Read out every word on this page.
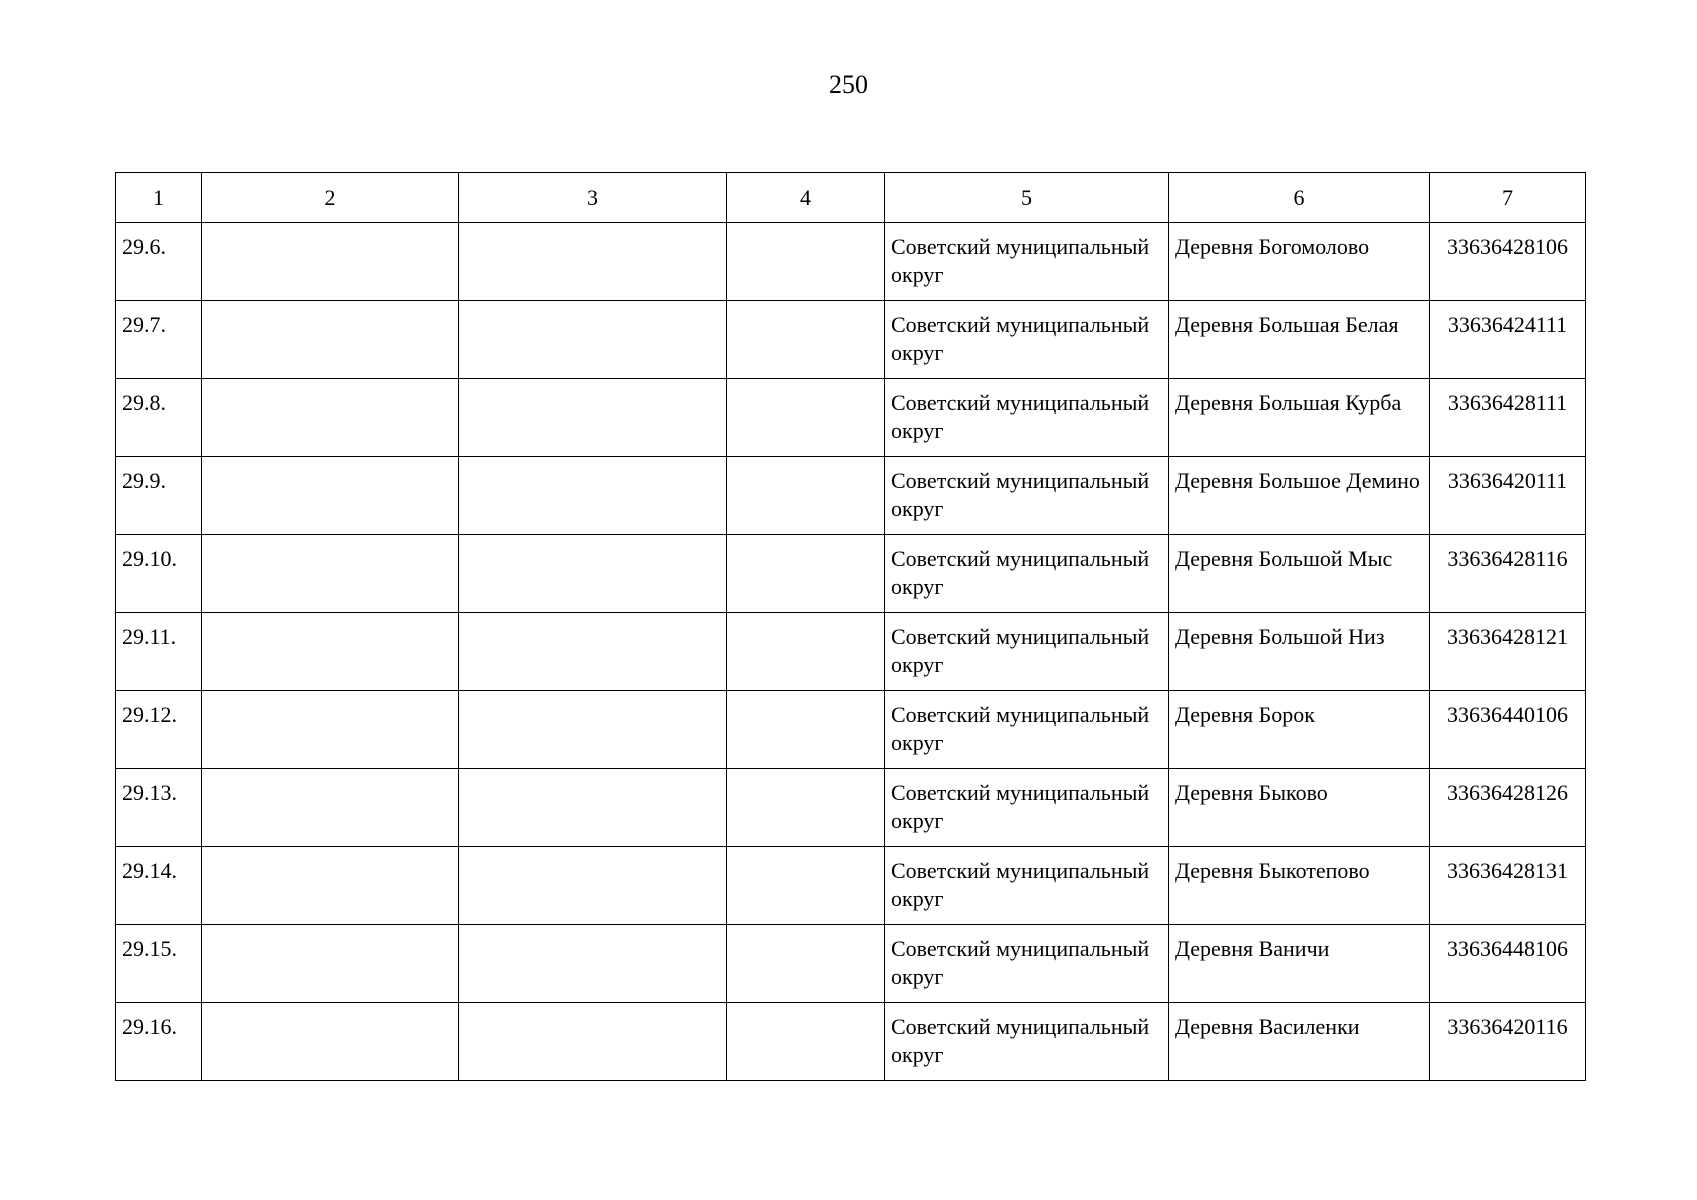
250
1	2	3	4	5	6	7
29.6.				Советский муниципальный округ	Деревня Богомолово	33636428106
29.7.				Советский муниципальный округ	Деревня Большая Белая	33636424111
29.8.				Советский муниципальный округ	Деревня Большая Курба	33636428111
29.9.				Советский муниципальный округ	Деревня Большое Демино	33636420111
29.10.				Советский муниципальный округ	Деревня Большой Мыс	33636428116
29.11.				Советский муниципальный округ	Деревня Большой Низ	33636428121
29.12.				Советский муниципальный округ	Деревня Борок	33636440106
29.13.				Советский муниципальный округ	Деревня Быково	33636428126
29.14.				Советский муниципальный округ	Деревня Быкотепово	33636428131
29.15.				Советский муниципальный округ	Деревня Ваничи	33636448106
29.16.				Советский муниципальный округ	Деревня Василенки	33636420116
